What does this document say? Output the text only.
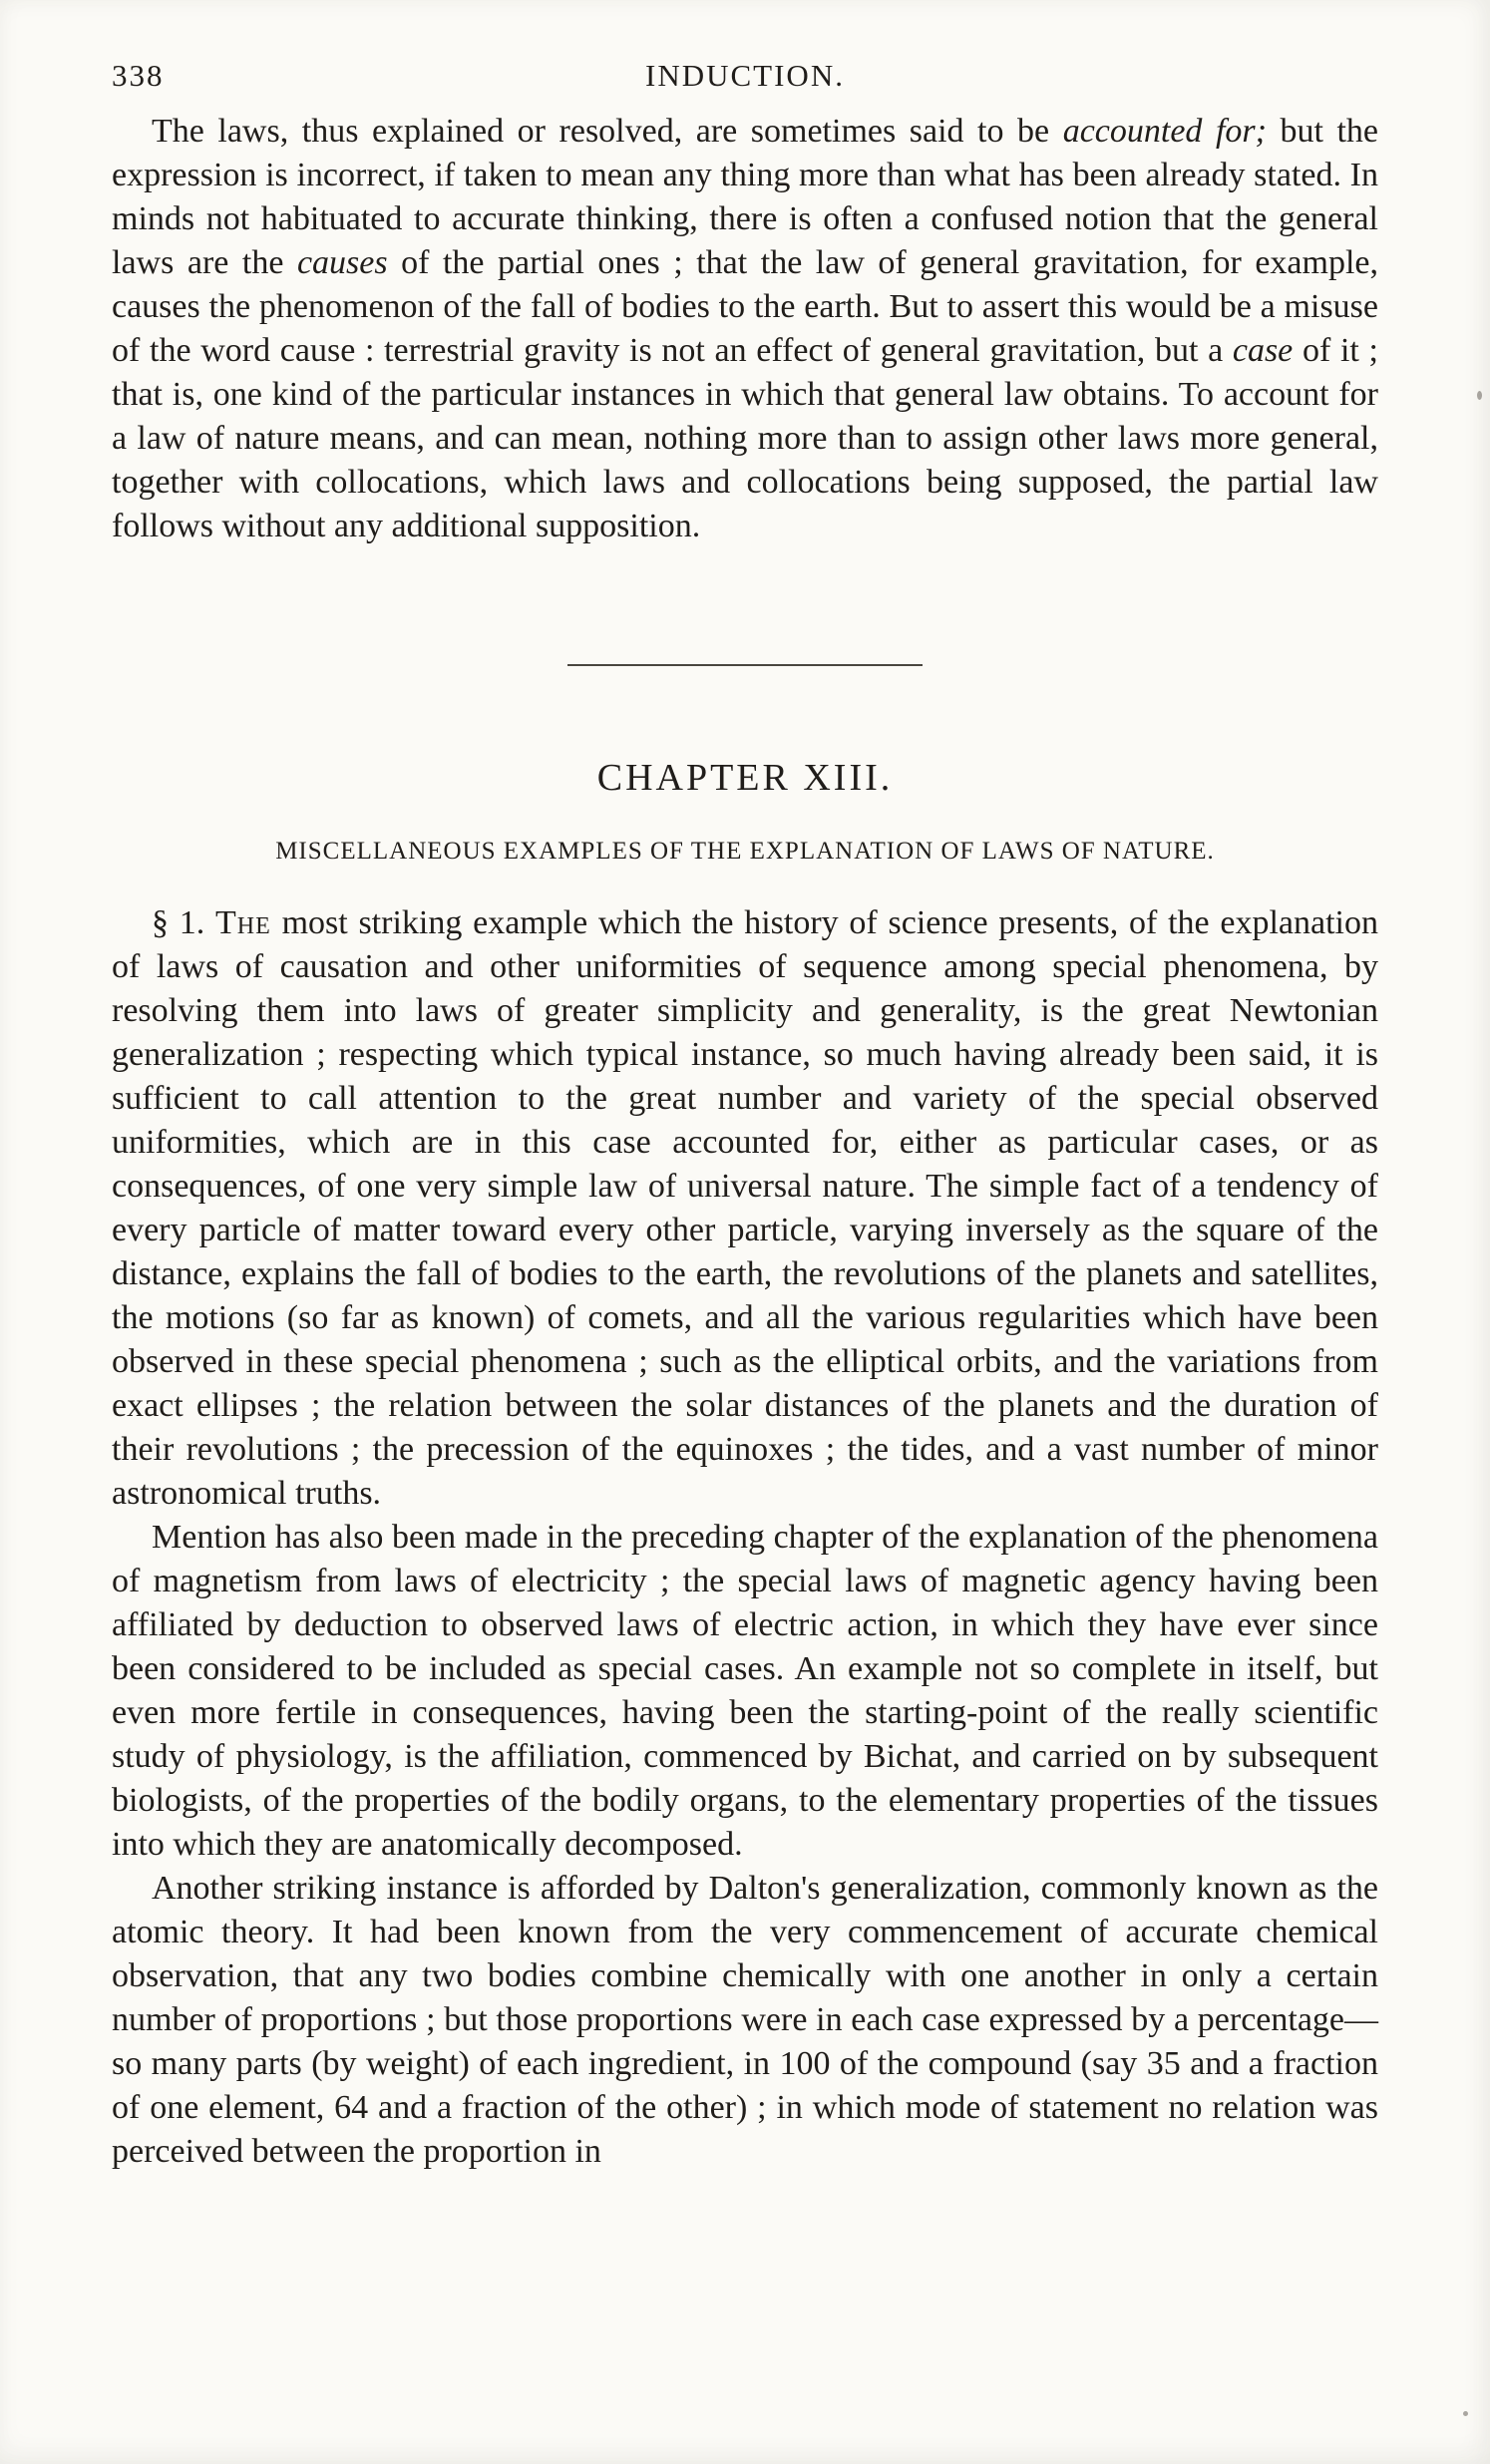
338	INDUCTION.

The laws, thus explained or resolved, are sometimes said to be accounted for; but the expression is incorrect, if taken to mean any thing more than what has been already stated. In minds not habituated to accurate thinking, there is often a confused notion that the general laws are the causes of the partial ones ; that the law of general gravitation, for example, causes the phenomenon of the fall of bodies to the earth. But to assert this would be a misuse of the word cause : terrestrial gravity is not an effect of general gravitation, but a case of it ; that is, one kind of the particular instances in which that general law obtains. To account for a law of nature means, and can mean, nothing more than to assign other laws more general, together with collocations, which laws and collocations being supposed, the partial law follows without any additional supposition.

CHAPTER XIII.
MISCELLANEOUS EXAMPLES OF THE EXPLANATION OF LAWS OF NATURE.

§ 1. The most striking example which the history of science presents, of the explanation of laws of causation and other uniformities of sequence among special phenomena, by resolving them into laws of greater simplicity and generality, is the great Newtonian generalization ; respecting which typical instance, so much having already been said, it is sufficient to call attention to the great number and variety of the special observed uniformities, which are in this case accounted for, either as particular cases, or as consequences, of one very simple law of universal nature. The simple fact of a tendency of every particle of matter toward every other particle, varying inversely as the square of the distance, explains the fall of bodies to the earth, the revolutions of the planets and satellites, the motions (so far as known) of comets, and all the various regularities which have been observed in these special phenomena ; such as the elliptical orbits, and the variations from exact ellipses ; the relation between the solar distances of the planets and the duration of their revolutions ; the precession of the equinoxes ; the tides, and a vast number of minor astronomical truths.

Mention has also been made in the preceding chapter of the explanation of the phenomena of magnetism from laws of electricity ; the special laws of magnetic agency having been affiliated by deduction to observed laws of electric action, in which they have ever since been considered to be included as special cases. An example not so complete in itself, but even more fertile in consequences, having been the starting-point of the really scientific study of physiology, is the affiliation, commenced by Bichat, and carried on by subsequent biologists, of the properties of the bodily organs, to the elementary properties of the tissues into which they are anatomically decomposed.

Another striking instance is afforded by Dalton's generalization, commonly known as the atomic theory. It had been known from the very commencement of accurate chemical observation, that any two bodies combine chemically with one another in only a certain number of proportions ; but those proportions were in each case expressed by a percentage—so many parts (by weight) of each ingredient, in 100 of the compound (say 35 and a fraction of one element, 64 and a fraction of the other) ; in which mode of statement no relation was perceived between the proportion in
